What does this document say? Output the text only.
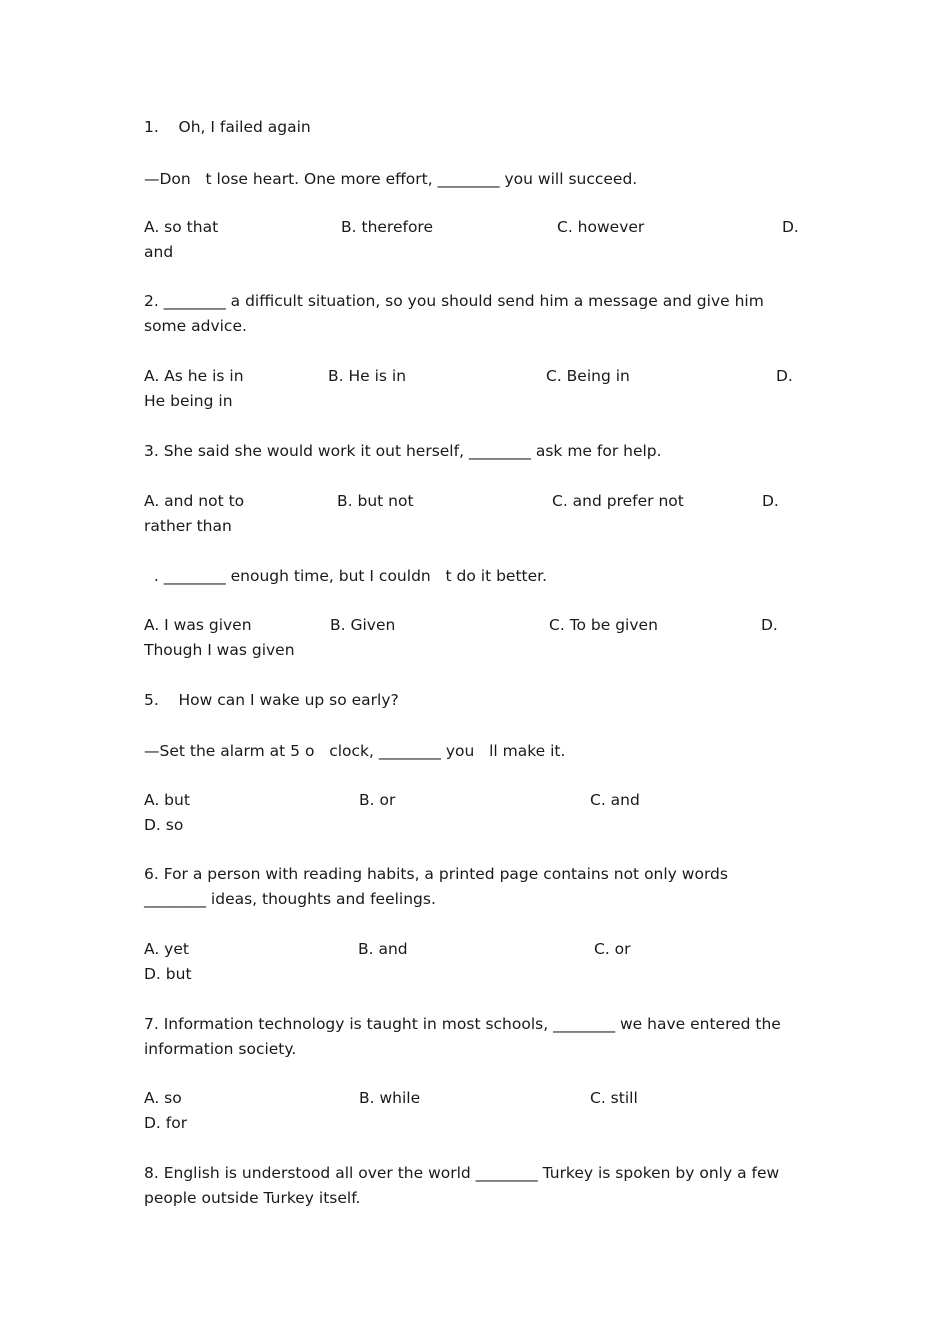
1.    Oh, I failed again

—Don   t lose heart. One more effort, ________ you will succeed.

A. so that	B. therefore	C. however	D.

and

2. ________ a difficult situation, so you should send him a message and give him

some advice.

A. As he is in	B. He is in	C. Being in	D.

He being in

3. She said she would work it out herself, ________ ask me for help.

A. and not to	B. but not	C. and prefer not	D.

rather than

. ________ enough time, but I couldn   t do it better.

A. I was given	B. Given	C. To be given	D.

Though I was given

5.    How can I wake up so early?

—Set the alarm at 5 o   clock, ________ you   ll make it.

A. but	B. or	C. and

D. so

6. For a person with reading habits, a printed page contains not only words

________ ideas, thoughts and feelings.

A. yet	B. and	C. or

D. but

7. Information technology is taught in most schools, ________ we have entered the

information society.

A. so	B. while	C. still

D. for

8. English is understood all over the world ________ Turkey is spoken by only a few

people outside Turkey itself.
